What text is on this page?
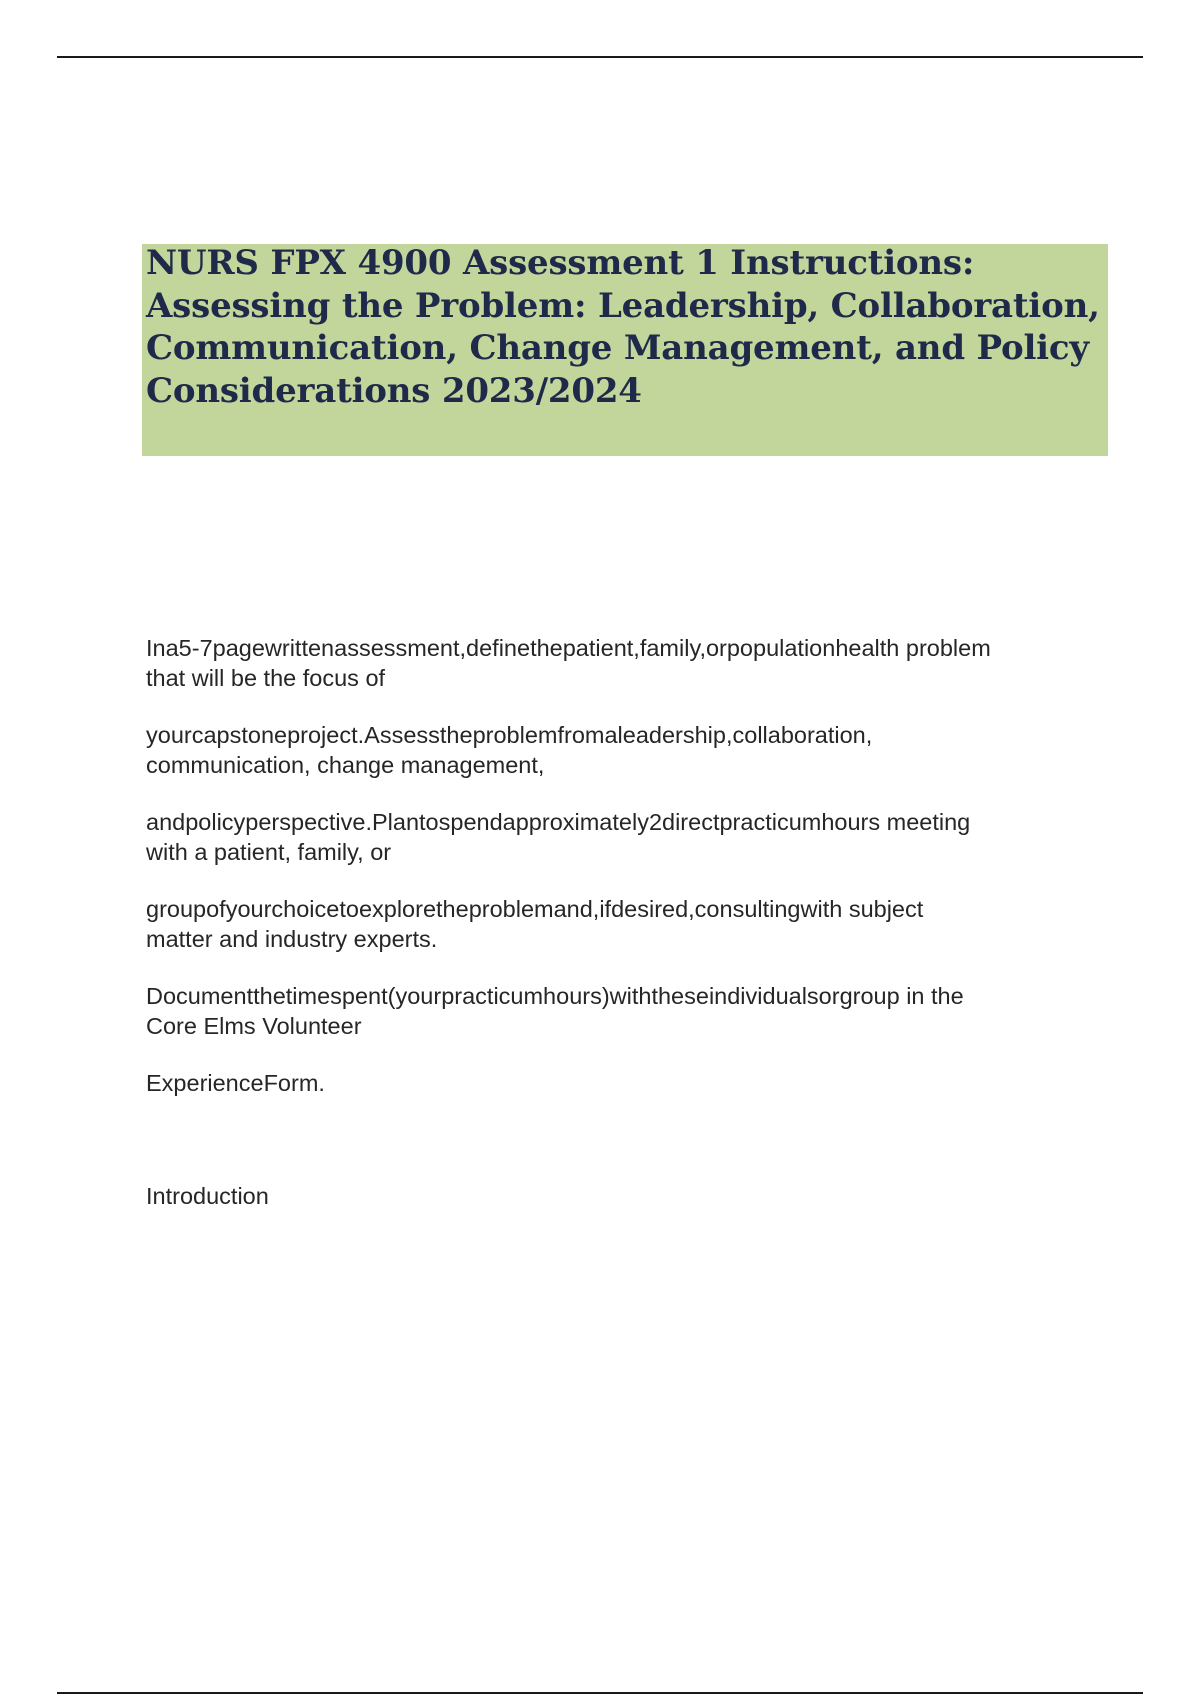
NURS FPX 4900 Assessment 1 Instructions: Assessing the Problem: Leadership, Collaboration, Communication, Change Management, and Policy Considerations 2023/2024

Ina5-7pagewrittenassessment,definethepatient,family,orpopulationhealth problem
that will be the focus of

yourcapstoneproject.Assesstheproblemfromaleadership,collaboration,
communication, change management,

andpolicyperspective.Plantospendapproximately2directpracticumhours meeting
with a patient, family, or

groupofyourchoicetoexploretheproblemand,ifdesired,consultingwith subject
matter and industry experts.

Documentthetimespent(yourpracticumhours)withtheseindividualsorgroup in the
Core Elms Volunteer

ExperienceForm.

Introduction
